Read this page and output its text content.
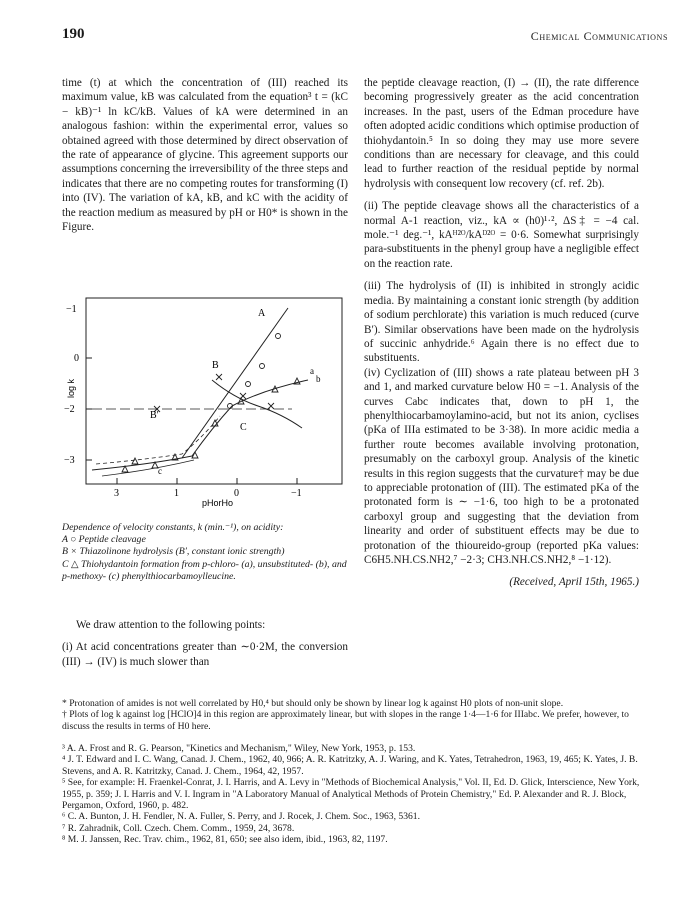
190	Chemical Communications

time (t) at which the concentration of (III) reached its maximum value, kB was calculated from the equation³ t = (kC − kB)⁻¹ ln kC/kB. Values of kA were determined in an analogous fashion: within the experimental error, values so obtained agreed with those determined by direct observation of the rate of appearance of glycine. This agreement supports our assumptions concerning the irreversibility of the three steps and indicates that there are no competing routes for transforming (I) into (IV). The variation of kA, kB, and kC with the acidity of the reaction medium as measured by pH or H0* is shown in the Figure.

0
−2
−3
−1
3	1	0	−1
pHorHo
log k
A
B
B′
C
a
b
c
Dependence of velocity constants, k (min.⁻¹), on acidity:
A ○ Peptide cleavage
B × Thiazolinone hydrolysis (B′, constant ionic strength)
C △ Thiohydantoin formation from p-chloro- (a), unsubstituted- (b), and p-methoxy- (c) phenylthiocarbamoylleucine.

We draw attention to the following points:

(i) At acid concentrations greater than ∼0·2M, the conversion (III) → (IV) is much slower than

the peptide cleavage reaction, (I) → (II), the rate difference becoming progressively greater as the acid concentration increases. In the past, users of the Edman procedure have often adopted acidic conditions which optimise production of thiohydantoin.⁵ In so doing they may use more severe conditions than are necessary for cleavage, and this could lead to further reaction of the residual peptide by normal hydrolysis with consequent low recovery (cf. ref. 2b).

(ii) The peptide cleavage shows all the characteristics of a normal A-1 reaction, viz., kA ∝ (h0)¹·², ΔS‡ = −4 cal. mole.⁻¹ deg.⁻¹, kAᴴ²ᴼ/kAᴰ²ᴼ = 0·6. Somewhat surprisingly para-substituents in the phenyl group have a negligible effect on the reaction rate.

(iii) The hydrolysis of (II) is inhibited in strongly acidic media. By maintaining a constant ionic strength (by addition of sodium perchlorate) this variation is much reduced (curve B′). Similar observations have been made on the hydrolysis of succinic anhydride.⁶ Again there is no effect due to substituents.

(iv) Cyclization of (III) shows a rate plateau between pH 3 and 1, and marked curvature below H0 = −1. Analysis of the curves Cabc indicates that, down to pH 1, the phenylthiocarbamoylamino-acid, but not its anion, cyclises (pKa of IIIa estimated to be 3·38). In more acidic media a further route becomes available involving protonation, presumably on the carboxyl group. Analysis of the kinetic results in this region suggests that the curvature† may be due to appreciable protonation of (III). The estimated pKa of the protonated form is ∼ −1·6, too high to be a protonated carboxyl group and suggesting that the deviation from linearity and order of substituent effects may be due to protonation of the thioureido-group (reported pKa values: C6H5.NH.CS.NH2,⁷ −2·3; CH3.NH.CS.NH2,⁸ −1·12).

(Received, April 15th, 1965.)

* Protonation of amides is not well correlated by H0,⁴ but should only be shown by linear log k against H0 plots of non-unit slope.
† Plots of log k against log [HClO]4 in this region are approximately linear, but with slopes in the range 1·4—1·6 for IIIabc. We prefer, however, to discuss the results in terms of H0 here.
³ A. A. Frost and R. G. Pearson, "Kinetics and Mechanism," Wiley, New York, 1953, p. 153.
⁴ J. T. Edward and I. C. Wang, Canad. J. Chem., 1962, 40, 966; A. R. Katritzky, A. J. Waring, and K. Yates, Tetrahedron, 1963, 19, 465; K. Yates, J. B. Stevens, and A. R. Katritzky, Canad. J. Chem., 1964, 42, 1957.
⁵ See, for example: H. Fraenkel-Conrat, J. I. Harris, and A. Levy in "Methods of Biochemical Analysis," Vol. II, Ed. D. Glick, Interscience, New York, 1955, p. 359; J. I. Harris and V. I. Ingram in "A Laboratory Manual of Analytical Methods of Protein Chemistry," Ed. P. Alexander and R. J. Block, Pergamon, Oxford, 1960, p. 482.
⁶ C. A. Bunton, J. H. Fendler, N. A. Fuller, S. Perry, and J. Rocek, J. Chem. Soc., 1963, 5361.
⁷ R. Zahradnik, Coll. Czech. Chem. Comm., 1959, 24, 3678.
⁸ M. J. Janssen, Rec. Trav. chim., 1962, 81, 650; see also idem, ibid., 1963, 82, 1197.
